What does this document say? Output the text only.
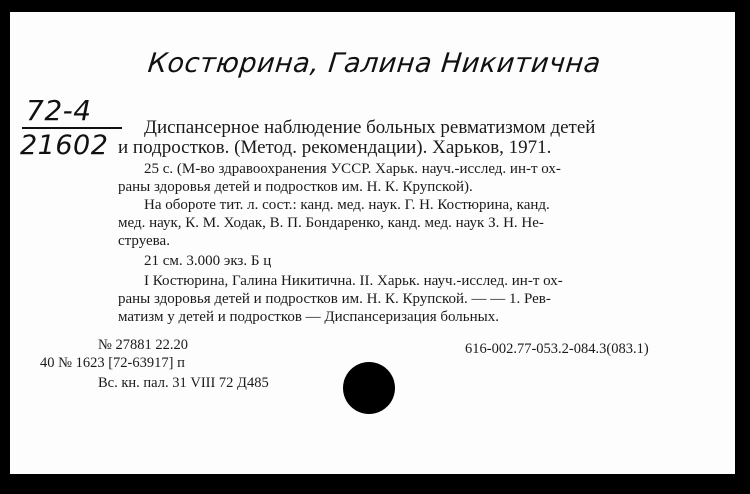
Костюрина, Галина Никитична
72-4
21602
Диспансерное наблюдение больных ревматизмом детей
и подростков. (Метод. рекомендации). Харьков, 1971.
25 с. (М-во здравоохранения УССР. Харьк. науч.-исслед. ин-т ох-
раны здоровья детей и подростков им. Н. К. Крупской).
На обороте тит. л. сост.: канд. мед. наук. Г. Н. Костюрина, канд.
мед. наук, К. М. Ходак, В. П. Бондаренко, канд. мед. наук З. Н. Не-
струева.
21 см. 3.000 экз. Б ц
I Костюрина, Галина Никитична. II. Харьк. науч.-исслед. ин-т ох-
раны здоровья детей и подростков им. Н. К. Крупской. — — 1. Рев-
матизм у детей и подростков — Диспансеризация больных.
616-002.77-053.2-084.3(083.1)
№ 27881 22.20
40 № 1623 [72-63917] п
Вс. кн. пал. 31 VIII 72 Д485
